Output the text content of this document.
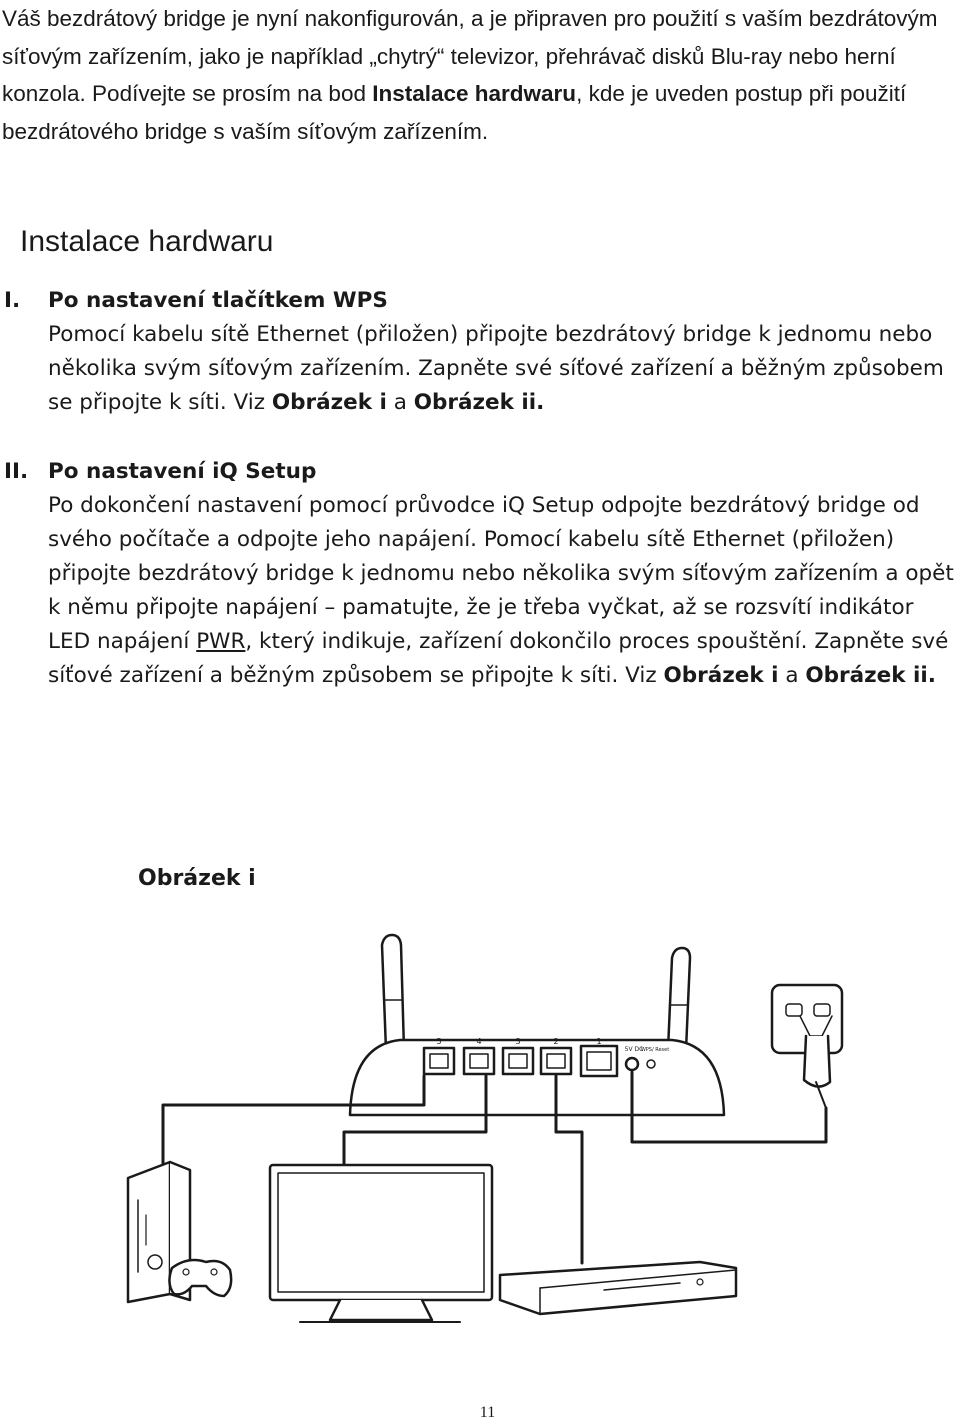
Váš bezdrátový bridge je nyní nakonfigurován, a je připraven pro použití s vaším bezdrátovým síťovým zařízením, jako je například „chytrý“ televizor, přehrávač disků Blu-ray nebo herní konzola. Podívejte se prosím na bod Instalace hardwaru, kde je uveden postup při použití bezdrátového bridge s vaším síťovým zařízením.

Instalace hardwaru
I. Po nastavení tlačítkem WPS
Pomocí kabelu sítě Ethernet (přiložen) připojte bezdrátový bridge k jednomu nebo několika svým síťovým zařízením. Zapněte své síťové zařízení a běžným způsobem se připojte k síti. Viz Obrázek i a Obrázek ii.
II. Po nastavení iQ Setup
Po dokončení nastavení pomocí průvodce iQ Setup odpojte bezdrátový bridge od svého počítače a odpojte jeho napájení. Pomocí kabelu sítě Ethernet (přiložen) připojte bezdrátový bridge k jednomu nebo několika svým síťovým zařízením a opět k němu připojte napájení – pamatujte, že je třeba vyčkat, až se rozsvítí indikátor LED napájení PWR, který indikuje, zařízení dokončilo proces spouštění. Zapněte své síťové zařízení a běžným způsobem se připojte k síti. Viz Obrázek i a Obrázek ii.

Obrázek i

5	4	3	2	1
5V DC
WPS/ Reset
11
